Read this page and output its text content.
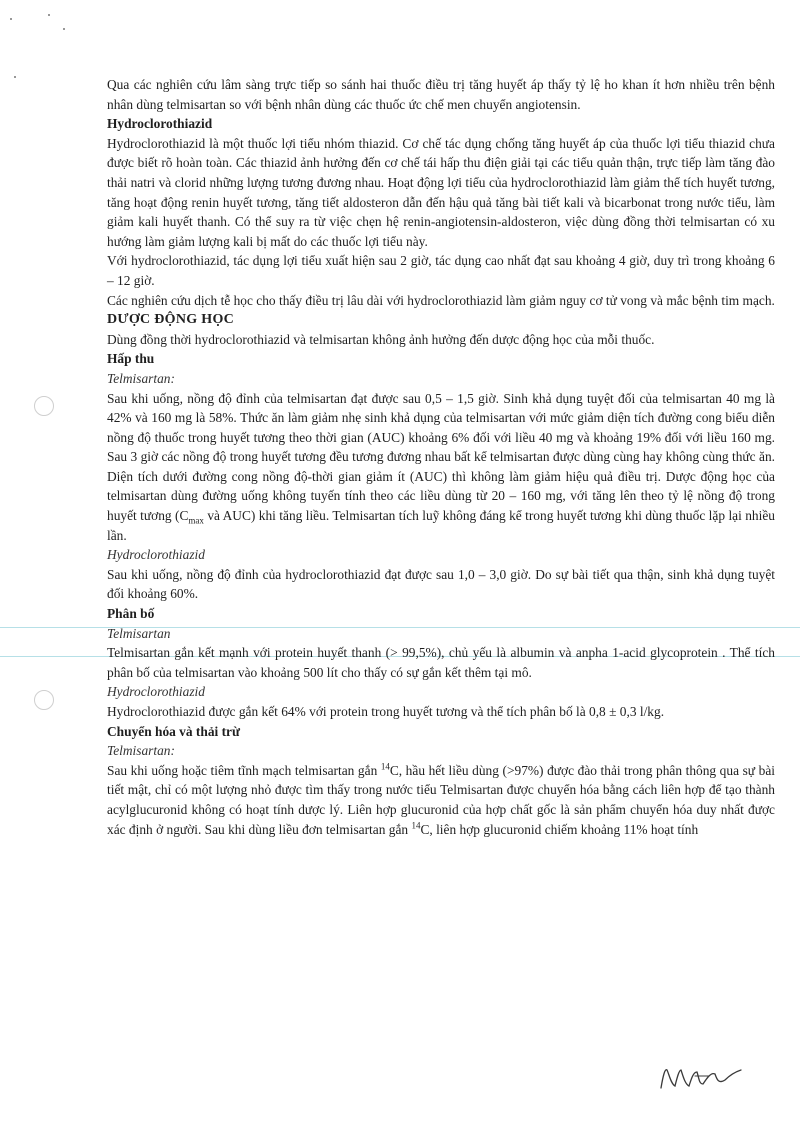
Qua các nghiên cứu lâm sàng trực tiếp so sánh hai thuốc điều trị tăng huyết áp thấy tỷ lệ ho khan ít hơn nhiều trên bệnh nhân dùng telmisartan so với bệnh nhân dùng các thuốc ức chế men chuyển angiotensin.

Hydroclorothiazid

Hydroclorothiazid là một thuốc lợi tiểu nhóm thiazid. Cơ chế tác dụng chống tăng huyết áp của thuốc lợi tiểu thiazid chưa được biết rõ hoàn toàn. Các thiazid ảnh hưởng đến cơ chế tái hấp thu điện giải tại các tiểu quản thận, trực tiếp làm tăng đào thải natri và clorid những lượng tương đương nhau. Hoạt động lợi tiểu của hydroclorothiazid làm giảm thể tích huyết tương, tăng hoạt động renin huyết tương, tăng tiết aldosteron dẫn đến hậu quả tăng bài tiết kali và bicarbonat trong nước tiểu, làm giảm kali huyết thanh. Có thể suy ra từ việc chẹn hệ renin-angiotensin-aldosteron, việc dùng đồng thời telmisartan có xu hướng làm giảm lượng kali bị mất do các thuốc lợi tiểu này.

Với hydroclorothiazid, tác dụng lợi tiểu xuất hiện sau 2 giờ, tác dụng cao nhất đạt sau khoảng 4 giờ, duy trì trong khoảng 6 – 12 giờ.

Các nghiên cứu dịch tễ học cho thấy điều trị lâu dài với hydroclorothiazid làm giảm nguy cơ tử vong và mắc bệnh tim mạch.

DƯỢC ĐỘNG HỌC

Dùng đồng thời hydroclorothiazid và telmisartan không ảnh hưởng đến dược động học của mỗi thuốc.

Hấp thu

Telmisartan:

Sau khi uống, nồng độ đỉnh của telmisartan đạt được sau 0,5 – 1,5 giờ. Sinh khả dụng tuyệt đối của telmisartan 40 mg là 42% và 160 mg là 58%. Thức ăn làm giảm nhẹ sinh khả dụng của telmisartan với mức giảm diện tích đường cong biểu diễn nồng độ thuốc trong huyết tương theo thời gian (AUC) khoảng 6% đối với liều 40 mg và khoảng 19% đối với liều 160 mg. Sau 3 giờ các nồng độ trong huyết tương đều tương đương nhau bất kể telmisartan được dùng cùng hay không cùng thức ăn. Diện tích dưới đường cong nồng độ-thời gian giảm ít (AUC) thì không làm giảm hiệu quả điều trị. Dược động học của telmisartan dùng đường uống không tuyến tính theo các liều dùng từ 20 – 160 mg, với tăng lên theo tỷ lệ nồng độ trong huyết tương ($C_{max}$ và AUC) khi tăng liều. Telmisartan tích luỹ không đáng kể trong huyết tương khi dùng thuốc lặp lại nhiều lần.

Hydroclorothiazid

Sau khi uống, nồng độ đỉnh của hydroclorothiazid đạt được sau 1,0 – 3,0 giờ. Do sự bài tiết qua thận, sinh khả dụng tuyệt đối khoảng 60%.

Phân bố

Telmisartan

Telmisartan gắn kết mạnh với protein huyết thanh (> 99,5%), chủ yếu là albumin và anpha 1-acid glycoprotein . Thể tích phân bố của telmisartan vào khoảng 500 lít cho thấy có sự gắn kết thêm tại mô.

Hydroclorothiazid

Hydroclorothiazid được gắn kết 64% với protein trong huyết tương và thể tích phân bố là 0,8 ± 0,3 l/kg.

Chuyển hóa và thải trừ

Telmisartan:

Sau khi uống hoặc tiêm tĩnh mạch telmisartan gắn $^{14}$C, hầu hết liều dùng (>97%) được đào thải trong phân thông qua sự bài tiết mật, chỉ có một lượng nhỏ được tìm thấy trong nước tiểu Telmisartan được chuyển hóa bằng cách liên hợp để tạo thành acylglucuronid không có hoạt tính dược lý. Liên hợp glucuronid của hợp chất gốc là sản phẩm chuyển hóa duy nhất được xác định ở người. Sau khi dùng liều đơn telmisartan gắn $^{14}$C, liên hợp glucuronid chiếm khoảng 11% hoạt tính
